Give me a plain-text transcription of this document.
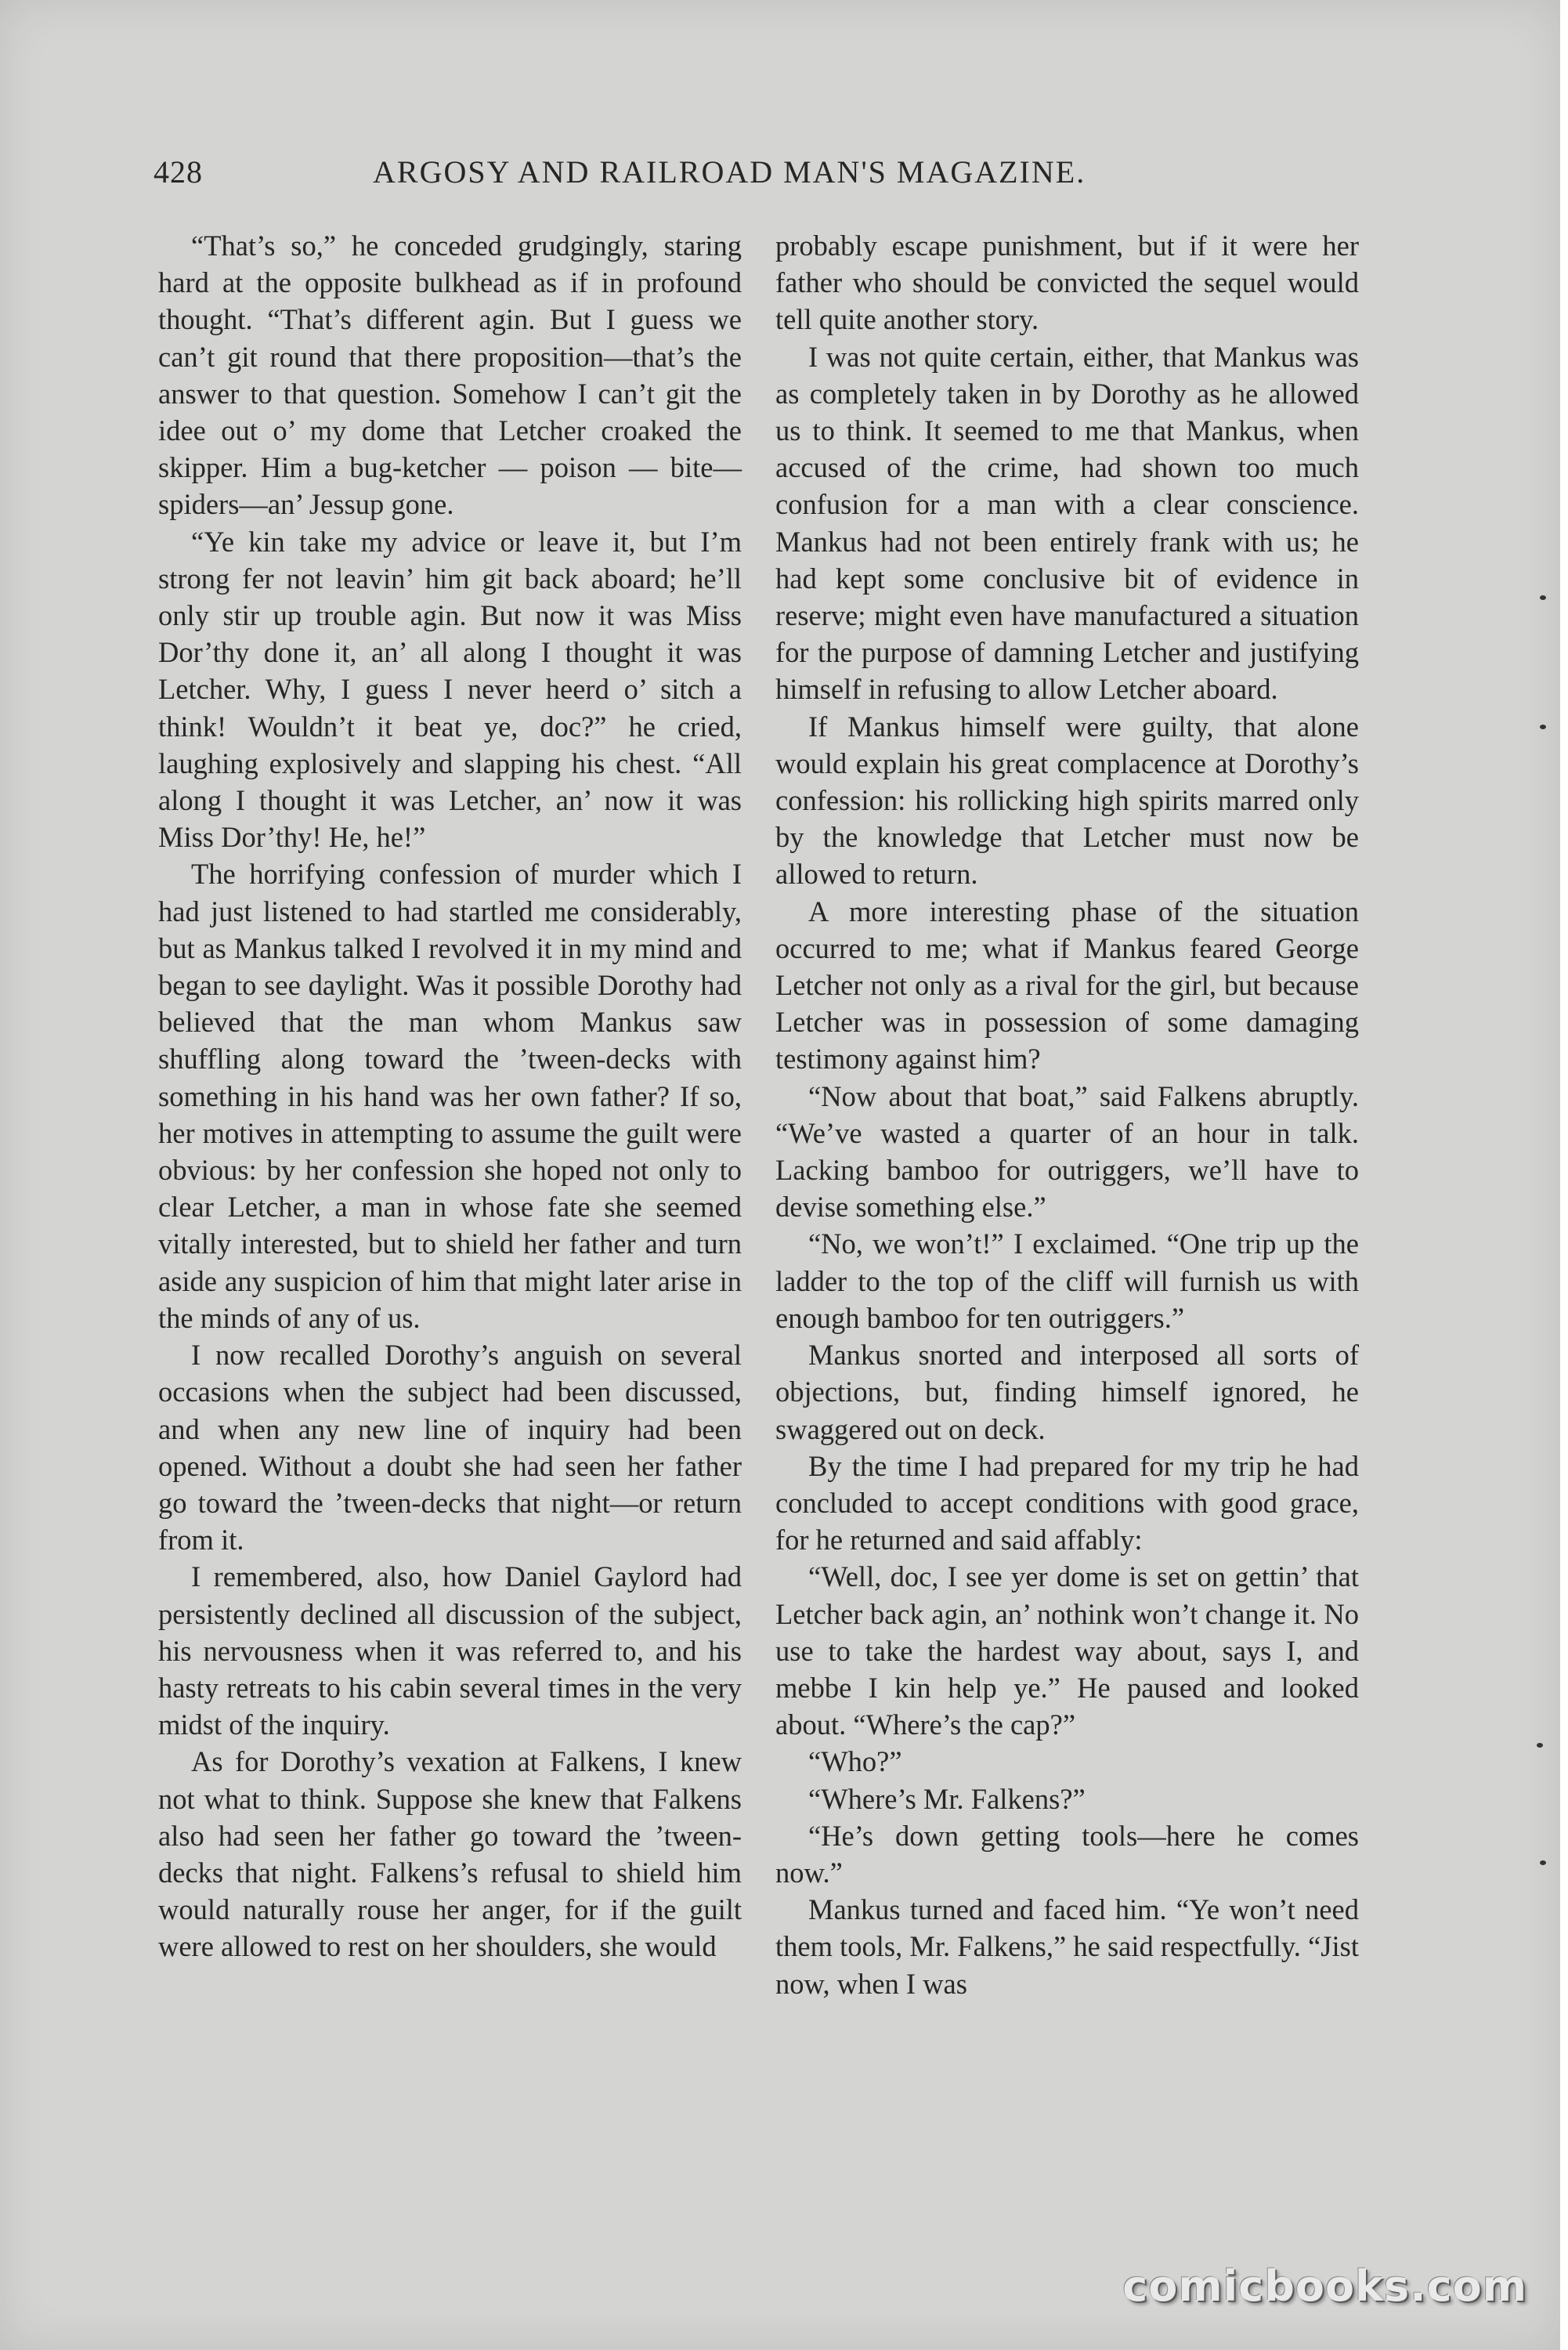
428	ARGOSY AND RAILROAD MAN'S MAGAZINE.

“That’s so,” he conceded grudgingly, staring hard at the opposite bulkhead as if in profound thought. “That’s different agin. But I guess we can’t git round that there proposition—that’s the answer to that question. Somehow I can’t git the idee out o’ my dome that Letcher croaked the skipper. Him a bug-ketcher — poison — bite—spiders—an’ Jessup gone.

“Ye kin take my advice or leave it, but I’m strong fer not leavin’ him git back aboard; he’ll only stir up trouble agin. But now it was Miss Dor’thy done it, an’ all along I thought it was Letcher. Why, I guess I never heerd o’ sitch a think! Wouldn’t it beat ye, doc?” he cried, laughing explosively and slapping his chest. “All along I thought it was Letcher, an’ now it was Miss Dor’thy! He, he!”

The horrifying confession of murder which I had just listened to had startled me considerably, but as Mankus talked I revolved it in my mind and began to see daylight. Was it possible Dorothy had believed that the man whom Mankus saw shuffling along toward the ’tween-decks with something in his hand was her own father? If so, her motives in attempting to assume the guilt were obvious: by her confession she hoped not only to clear Letcher, a man in whose fate she seemed vitally interested, but to shield her father and turn aside any suspicion of him that might later arise in the minds of any of us.

I now recalled Dorothy’s anguish on several occasions when the subject had been discussed, and when any new line of inquiry had been opened. Without a doubt she had seen her father go toward the ’tween-decks that night—or return from it.

I remembered, also, how Daniel Gaylord had persistently declined all discussion of the subject, his nervousness when it was referred to, and his hasty retreats to his cabin several times in the very midst of the inquiry.

As for Dorothy’s vexation at Falkens, I knew not what to think. Suppose she knew that Falkens also had seen her father go toward the ’tween-decks that night. Falkens’s refusal to shield him would naturally rouse her anger, for if the guilt were allowed to rest on her shoulders, she would

probably escape punishment, but if it were her father who should be convicted the sequel would tell quite another story.

I was not quite certain, either, that Mankus was as completely taken in by Dorothy as he allowed us to think. It seemed to me that Mankus, when accused of the crime, had shown too much confusion for a man with a clear conscience. Mankus had not been entirely frank with us; he had kept some conclusive bit of evidence in reserve; might even have manufactured a situation for the purpose of damning Letcher and justifying himself in refusing to allow Letcher aboard.

If Mankus himself were guilty, that alone would explain his great complacence at Dorothy’s confession: his rollicking high spirits marred only by the knowledge that Letcher must now be allowed to return.

A more interesting phase of the situation occurred to me; what if Mankus feared George Letcher not only as a rival for the girl, but because Letcher was in possession of some damaging testimony against him?

“Now about that boat,” said Falkens abruptly. “We’ve wasted a quarter of an hour in talk. Lacking bamboo for outriggers, we’ll have to devise something else.”

“No, we won’t!” I exclaimed. “One trip up the ladder to the top of the cliff will furnish us with enough bamboo for ten outriggers.”

Mankus snorted and interposed all sorts of objections, but, finding himself ignored, he swaggered out on deck.

By the time I had prepared for my trip he had concluded to accept conditions with good grace, for he returned and said affably:

“Well, doc, I see yer dome is set on gettin’ that Letcher back agin, an’ nothink won’t change it. No use to take the hardest way about, says I, and mebbe I kin help ye.” He paused and looked about. “Where’s the cap?”

“Who?”

“Where’s Mr. Falkens?”

“He’s down getting tools—here he comes now.”

Mankus turned and faced him. “Ye won’t need them tools, Mr. Falkens,” he said respectfully. “Jist now, when I was

comicbooks.com
